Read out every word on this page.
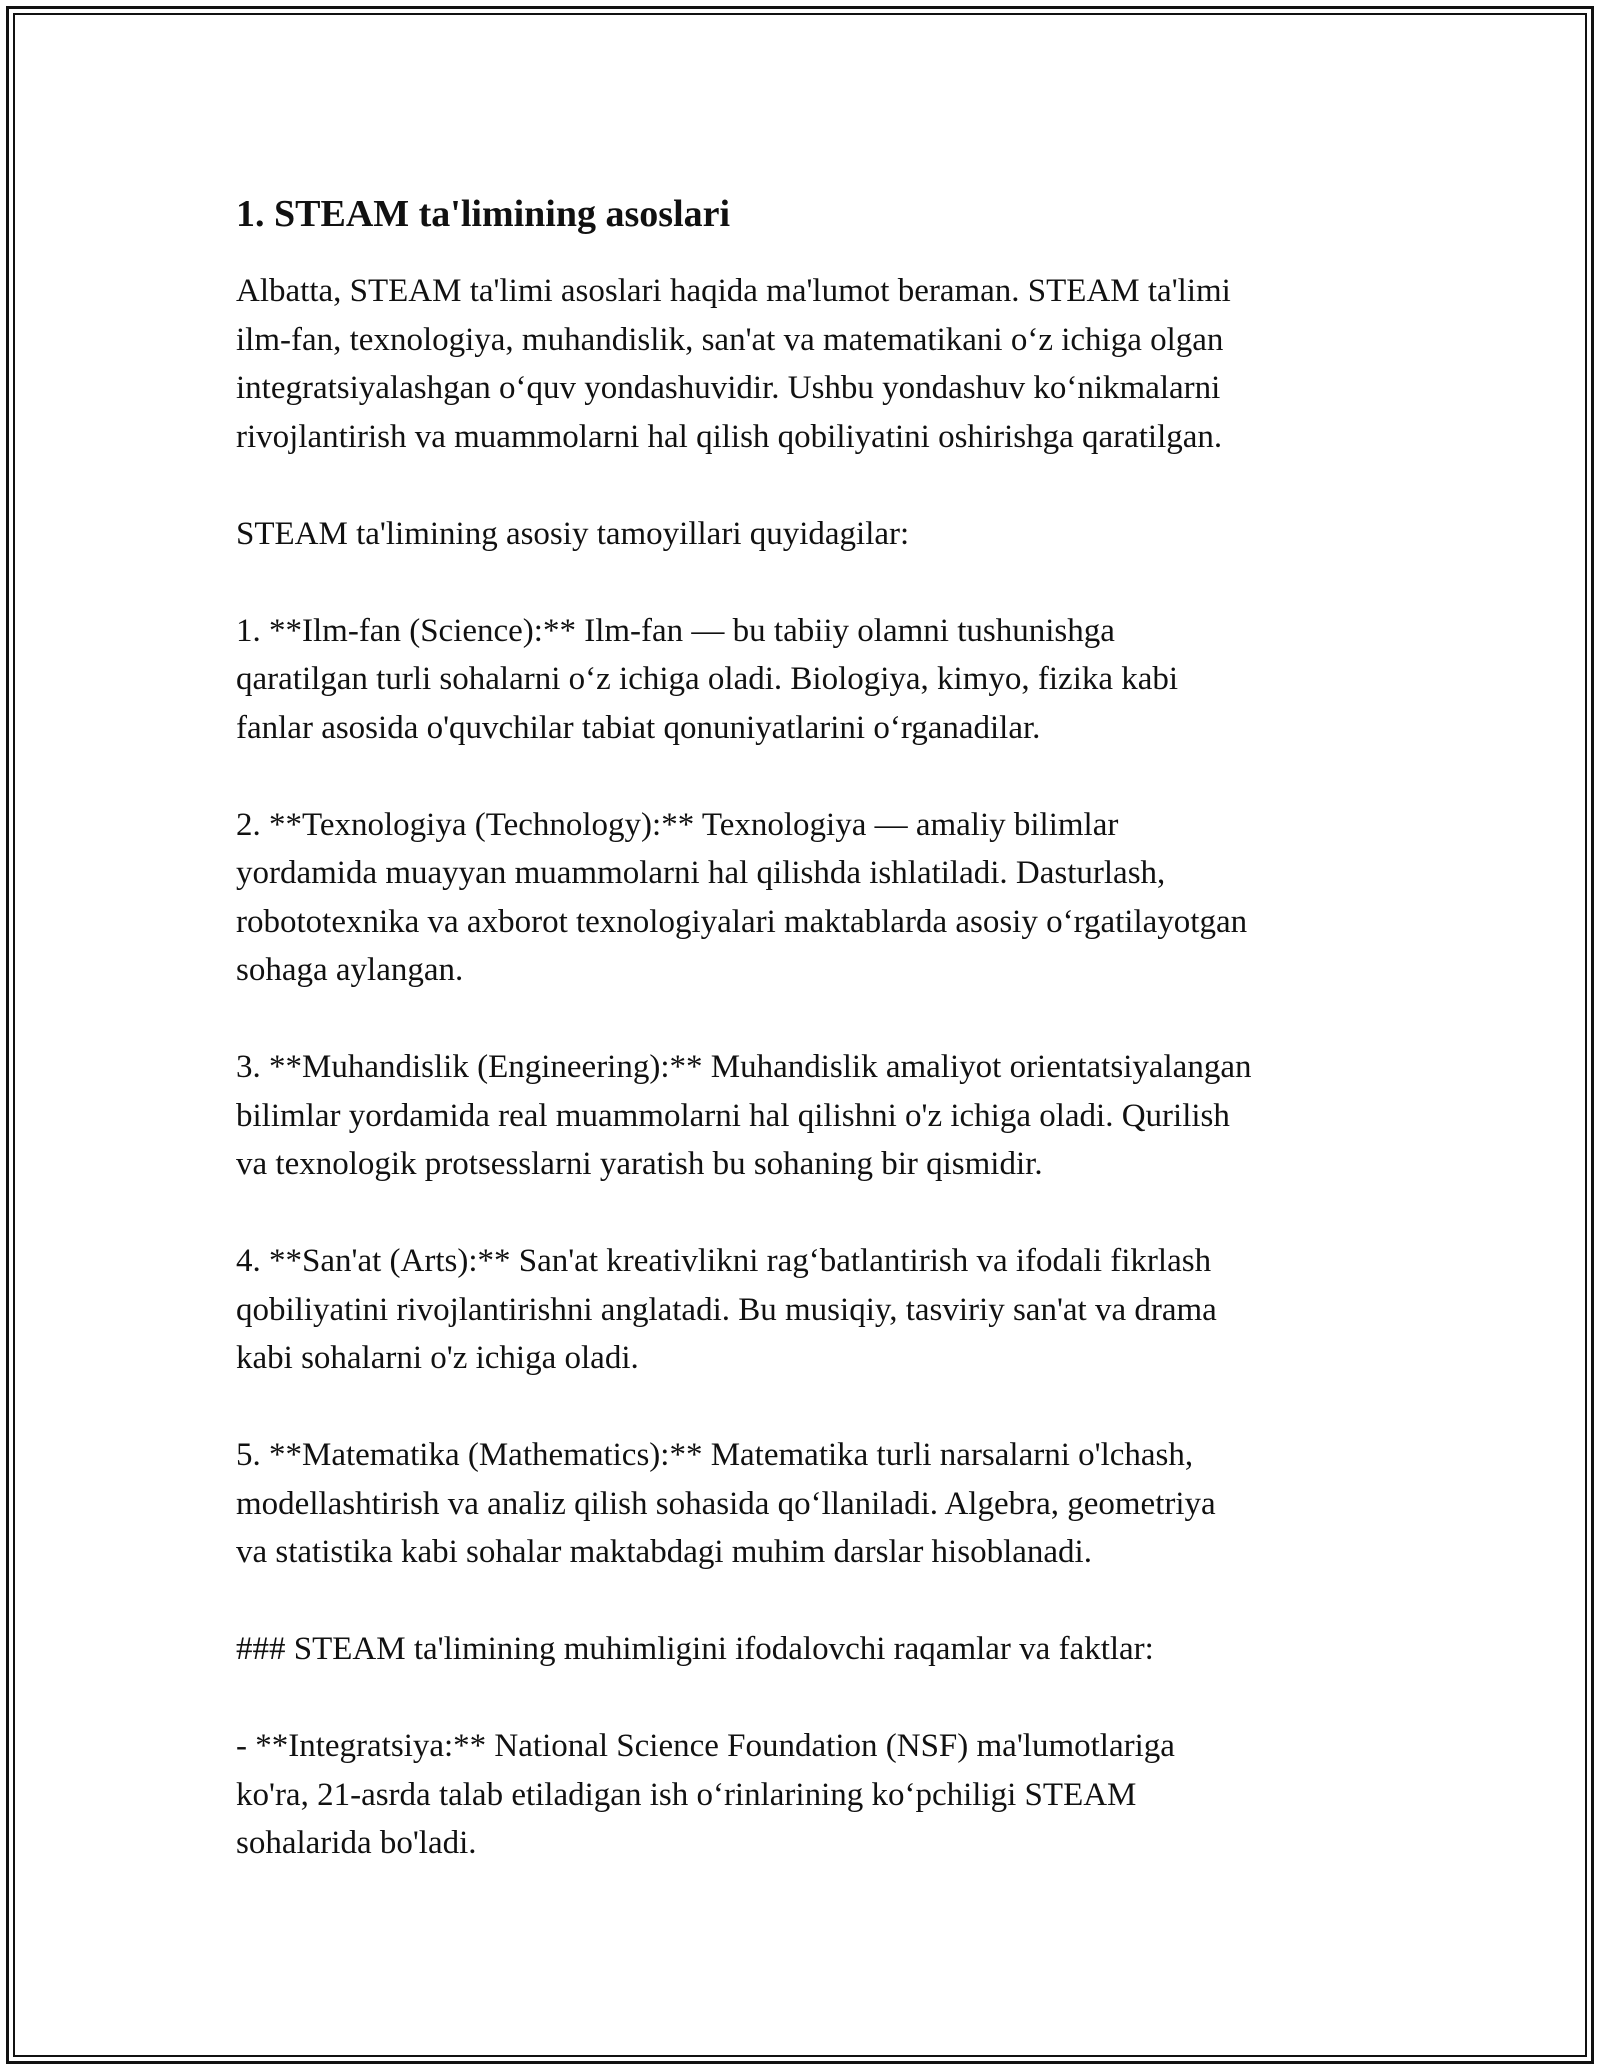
1. STEAM ta'limining asoslari

Albatta, STEAM ta'limi asoslari haqida ma'lumot beraman. STEAM ta'limi
ilm-fan, texnologiya, muhandislik, san'at va matematikani o‘z ichiga olgan
integratsiyalashgan o‘quv yondashuvidir. Ushbu yondashuv ko‘nikmalarni
rivojlantirish va muammolarni hal qilish qobiliyatini oshirishga qaratilgan.

STEAM ta'limining asosiy tamoyillari quyidagilar:

1. **Ilm-fan (Science):** Ilm-fan — bu tabiiy olamni tushunishga
qaratilgan turli sohalarni o‘z ichiga oladi. Biologiya, kimyo, fizika kabi
fanlar asosida o'quvchilar tabiat qonuniyatlarini o‘rganadilar.

2. **Texnologiya (Technology):** Texnologiya — amaliy bilimlar
yordamida muayyan muammolarni hal qilishda ishlatiladi. Dasturlash,
robototexnika va axborot texnologiyalari maktablarda asosiy o‘rgatilayotgan
sohaga aylangan.

3. **Muhandislik (Engineering):** Muhandislik amaliyot orientatsiyalangan
bilimlar yordamida real muammolarni hal qilishni o'z ichiga oladi. Qurilish
va texnologik protsesslarni yaratish bu sohaning bir qismidir.

4. **San'at (Arts):** San'at kreativlikni rag‘batlantirish va ifodali fikrlash
qobiliyatini rivojlantirishni anglatadi. Bu musiqiy, tasviriy san'at va drama
kabi sohalarni o'z ichiga oladi.

5. **Matematika (Mathematics):** Matematika turli narsalarni o'lchash,
modellashtirish va analiz qilish sohasida qo‘llaniladi. Algebra, geometriya
va statistika kabi sohalar maktabdagi muhim darslar hisoblanadi.

### STEAM ta'limining muhimligini ifodalovchi raqamlar va faktlar:

- **Integratsiya:** National Science Foundation (NSF) ma'lumotlariga
ko'ra, 21-asrda talab etiladigan ish o‘rinlarining ko‘pchiligi STEAM
sohalarida bo'ladi.
